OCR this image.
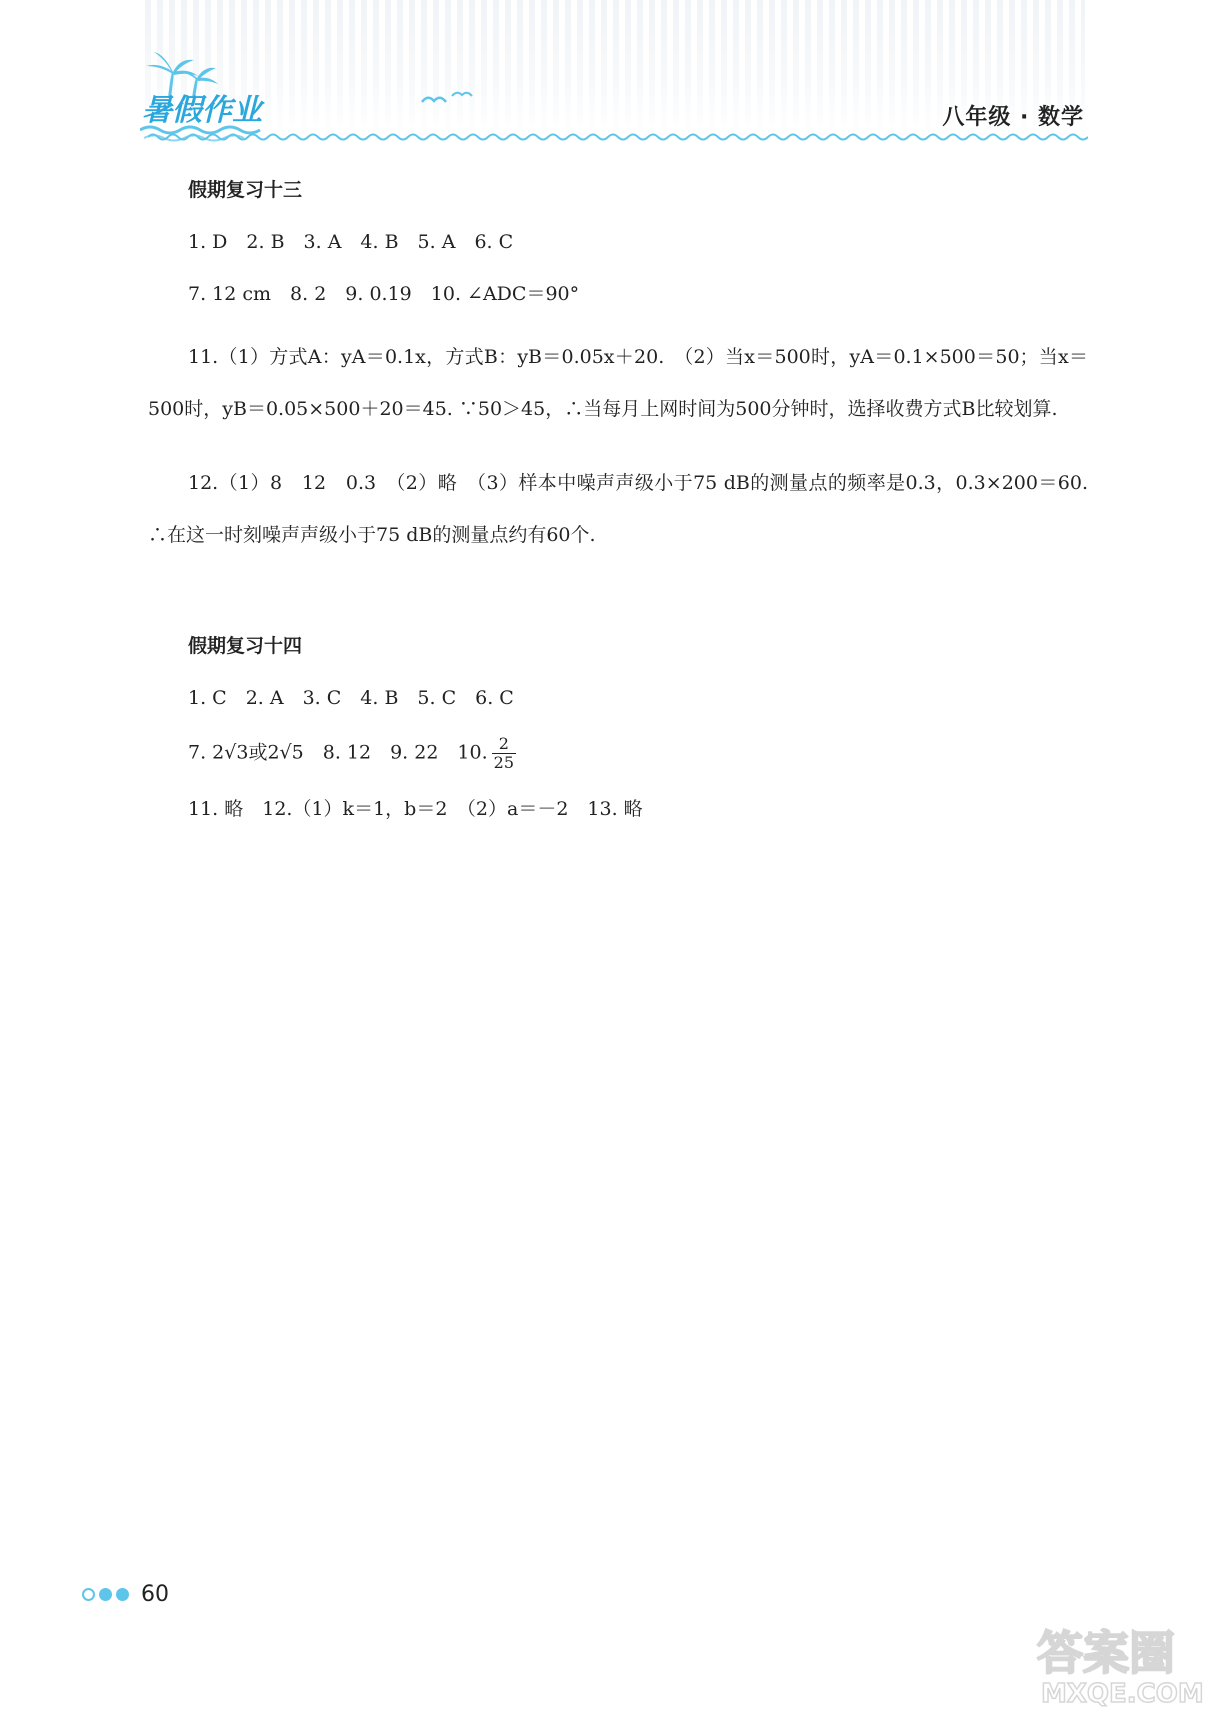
暑假作业	八年级 · 数学
假期复习十三
1. D　2. B　3. A　4. B　5. A　6. C
7. 12 cm　8. 2　9. 0.19　10. ∠ADC＝90°
11.（1）方式A：yA＝0.1x，方式B：yB＝0.05x＋20.　（2）当x＝500时，yA＝0.1×500＝50；当x＝500时，yB＝0.05×500＋20＝45. ∵50＞45，∴当每月上网时间为500分钟时，选择收费方式B比较划算.
12.（1）8　12　0.3　（2）略　（3）样本中噪声声级小于75 dB的测量点的频率是0.3，0.3×200＝60. ∴在这一时刻噪声声级小于75 dB的测量点约有60个.
假期复习十四
1. C　2. A　3. C　4. B　5. C　6. C
7. 2√3或2√5　8. 12　9. 22　10. $\frac{2}{25}$
11. 略　12.（1）k＝1，b＝2　（2）a＝－2　13. 略
60
答案圈
MXQE.COM
